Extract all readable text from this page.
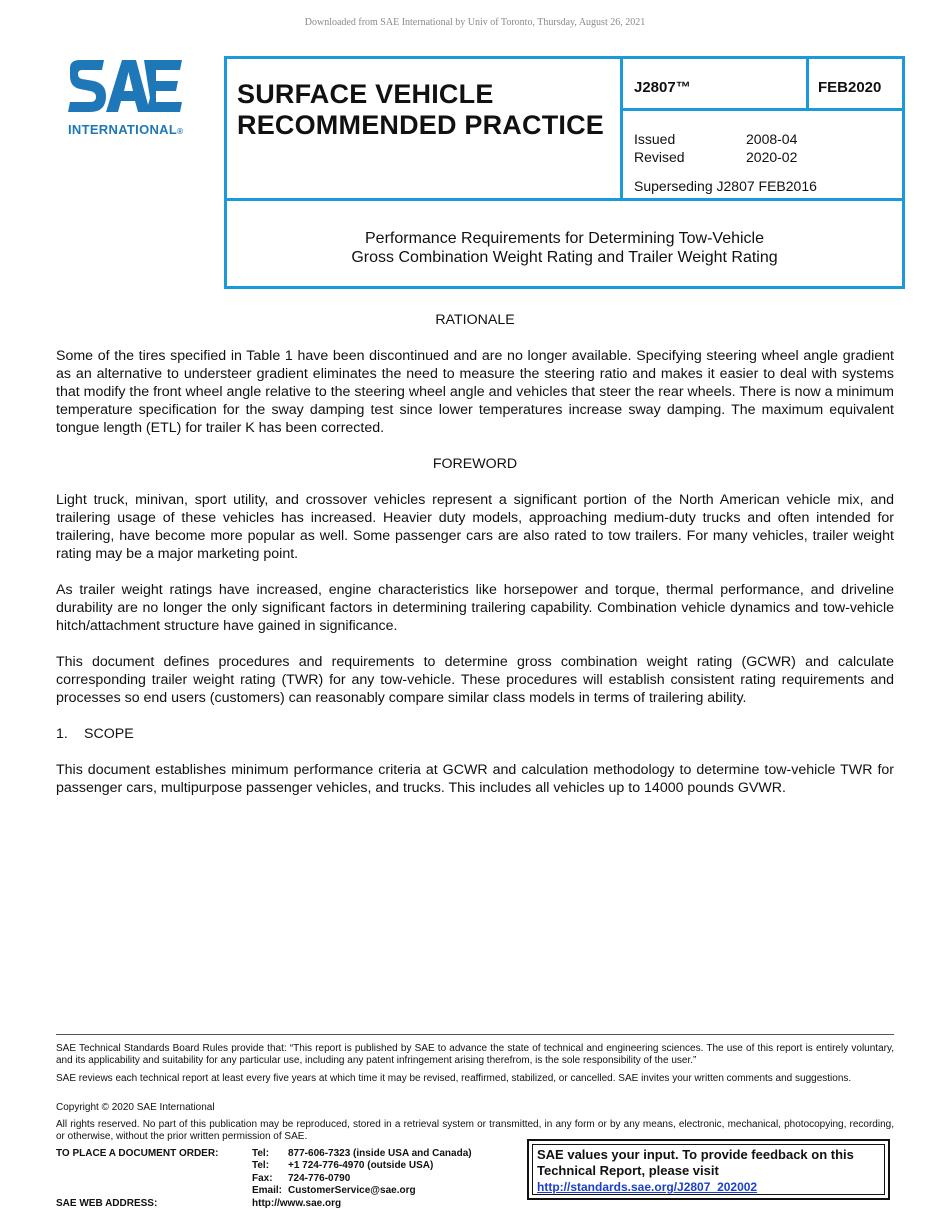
Downloaded from SAE International by Univ of Toronto, Thursday, August 26, 2021
INTERNATIONAL®
SURFACE VEHICLE
RECOMMENDED PRACTICE
J2807™	FEB2020
Issued	2008-04
Revised	2020-02
Superseding J2807 FEB2016
Performance Requirements for Determining Tow-Vehicle
Gross Combination Weight Rating and Trailer Weight Rating
RATIONALE

Some of the tires specified in Table 1 have been discontinued and are no longer available. Specifying steering wheel angle gradient as an alternative to understeer gradient eliminates the need to measure the steering ratio and makes it easier to deal with systems that modify the front wheel angle relative to the steering wheel angle and vehicles that steer the rear wheels. There is now a minimum temperature specification for the sway damping test since lower temperatures increase sway damping. The maximum equivalent tongue length (ETL) for trailer K has been corrected.

FOREWORD

Light truck, minivan, sport utility, and crossover vehicles represent a significant portion of the North American vehicle mix, and trailering usage of these vehicles has increased. Heavier duty models, approaching medium-duty trucks and often intended for trailering, have become more popular as well. Some passenger cars are also rated to tow trailers. For many vehicles, trailer weight rating may be a major marketing point.

As trailer weight ratings have increased, engine characteristics like horsepower and torque, thermal performance, and driveline durability are no longer the only significant factors in determining trailering capability. Combination vehicle dynamics and tow-vehicle hitch/attachment structure have gained in significance.

This document defines procedures and requirements to determine gross combination weight rating (GCWR) and calculate corresponding trailer weight rating (TWR) for any tow-vehicle. These procedures will establish consistent rating requirements and processes so end users (customers) can reasonably compare similar class models in terms of trailering ability.

1. SCOPE

This document establishes minimum performance criteria at GCWR and calculation methodology to determine tow-vehicle TWR for passenger cars, multipurpose passenger vehicles, and trucks. This includes all vehicles up to 14000 pounds GVWR.

SAE Technical Standards Board Rules provide that: “This report is published by SAE to advance the state of technical and engineering sciences. The use of this report is entirely voluntary, and its applicability and suitability for any particular use, including any patent infringement arising therefrom, is the sole responsibility of the user.”
SAE reviews each technical report at least every five years at which time it may be revised, reaffirmed, stabilized, or cancelled. SAE invites your written comments and suggestions.
Copyright © 2020 SAE International
All rights reserved. No part of this publication may be reproduced, stored in a retrieval system or transmitted, in any form or by any means, electronic, mechanical, photocopying, recording, or otherwise, without the prior written permission of SAE.
TO PLACE A DOCUMENT ORDER:	Tel: 877-606-7323 (inside USA and Canada)
Tel: +1 724-776-4970 (outside USA)
Fax: 724-776-0790
Email: CustomerService@sae.org
SAE WEB ADDRESS:	http://www.sae.org
SAE values your input. To provide feedback on this
Technical Report, please visit
http://standards.sae.org/J2807_202002
